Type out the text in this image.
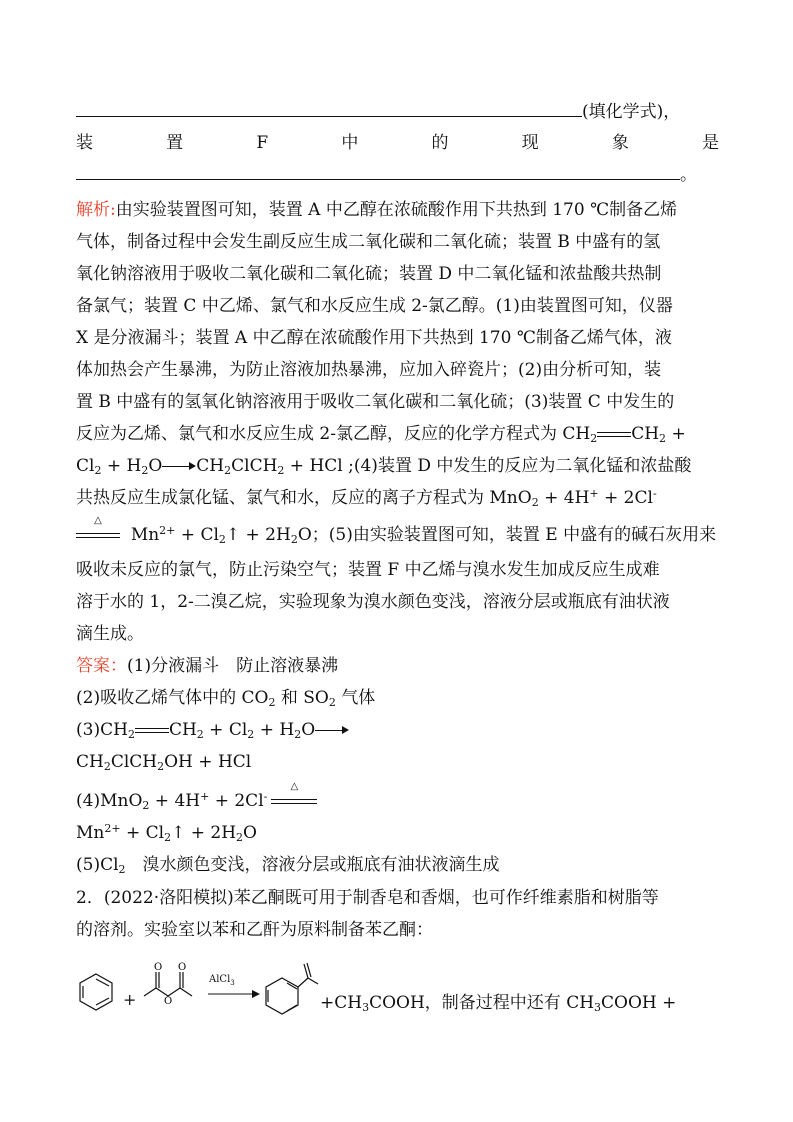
(填化学式)，
装	置	F	中	的	现	象	是
。
解析:由实验装置图可知，装置 A 中乙醇在浓硫酸作用下共热到 170 ℃制备乙烯
气体，制备过程中会发生副反应生成二氧化碳和二氧化硫；装置 B 中盛有的氢
氧化钠溶液用于吸收二氧化碳和二氧化硫；装置 D 中二氧化锰和浓盐酸共热制
备氯气；装置 C 中乙烯、氯气和水反应生成 2-氯乙醇。(1)由装置图可知，仪器
X 是分液漏斗；装置 A 中乙醇在浓硫酸作用下共热到 170 ℃制备乙烯气体，液
体加热会产生暴沸，为防止溶液加热暴沸，应加入碎瓷片；(2)由分析可知，装
置 B 中盛有的氢氧化钠溶液用于吸收二氧化碳和二氧化硫；(3)装置 C 中发生的
反应为乙烯、氯气和水反应生成 2-氯乙醇，反应的化学方程式为 $CH_2$ $CH_2$ +
$Cl_2 + H_2O$ $CH_2ClCH_2$ + HCl ;(4)装置 D 中发生的反应为二氧化锰和浓盐酸
共热反应生成氯化锰、氯气和水，反应的离子方程式为 MnO$_2$ + 4H+ + 2Cl-
△
$Mn^{2+}$ + $Cl_2↑ + 2H_2O$；(5)由实验装置图可知，装置 E 中盛有的碱石灰用来
吸收未反应的氯气，防止污染空气；装置 F 中乙烯与溴水发生加成反应生成难
溶于水的 1，2-二溴乙烷，实验现象为溴水颜色变浅，溶液分层或瓶底有油状液
滴生成。
答案：(1)分液漏斗　防止溶液暴沸
(2)吸收乙烯气体中的 $CO_2$ 和 $SO_2$ 气体
$(3)CH_2$ $CH_2 + Cl_2 + H_2O$
$CH_2ClCH_2OH$ + HCl
(4)MnO$_2$ + 4H+ + 2Cl-
△
$Mn^{2+}$ + $Cl_2↑ + 2H_2O$
$(5)Cl_2$　溴水颜色变浅，溶液分层或瓶底有油状液滴生成
2．(2022·洛阳模拟)苯乙酮既可用于制香皂和香烟，也可作纤维素脂和树脂等
的溶剂。实验室以苯和乙酐为原料制备苯乙酮：
O O
O
+
AlCl$_3$
$+CH_3COOH$，制备过程中还有 $CH_3COOH$ +
